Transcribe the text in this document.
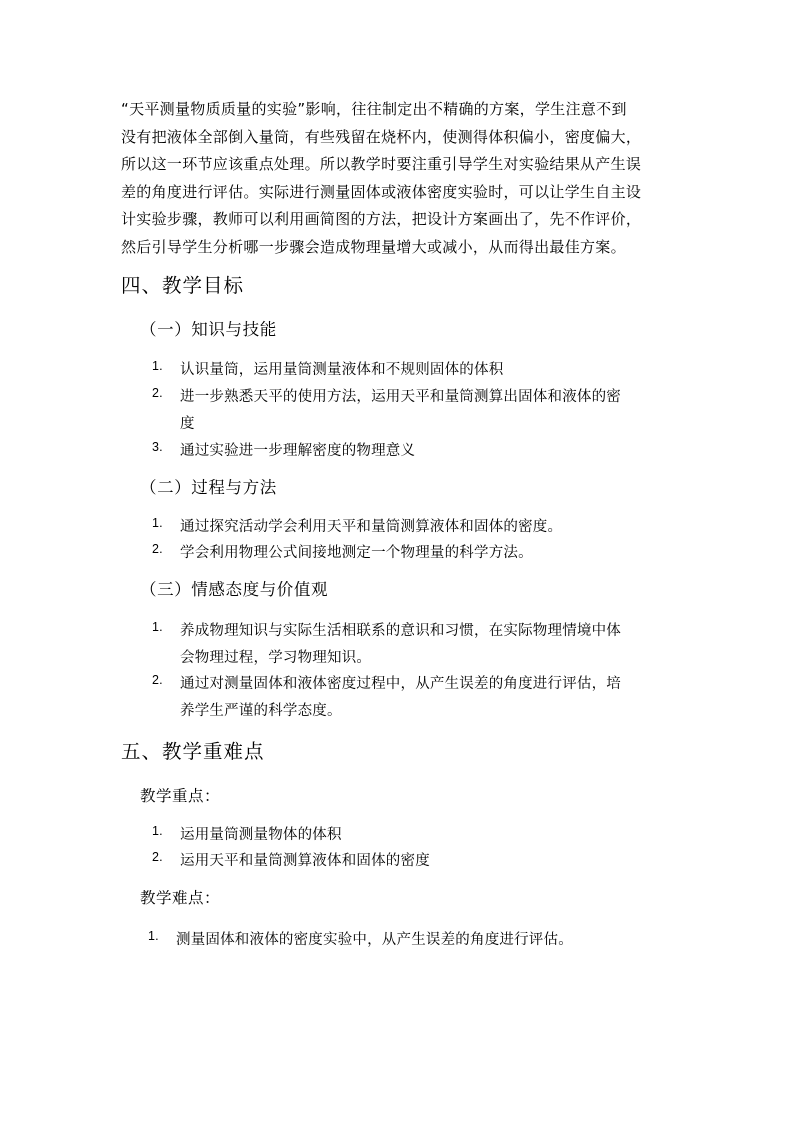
“天平测量物质质量的实验”影响，往往制定出不精确的方案，学生注意不到
没有把液体全部倒入量筒，有些残留在烧杯内，使测得体积偏小，密度偏大，
所以这一环节应该重点处理。所以教学时要注重引导学生对实验结果从产生误
差的角度进行评估。实际进行测量固体或液体密度实验时，可以让学生自主设
计实验步骤，教师可以利用画简图的方法，把设计方案画出了，先不作评价，
然后引导学生分析哪一步骤会造成物理量增大或减小，从而得出最佳方案。
四、教学目标
（一）知识与技能
1. 认识量筒，运用量筒测量液体和不规则固体的体积
2. 进一步熟悉天平的使用方法，运用天平和量筒测算出固体和液体的密
度
3. 通过实验进一步理解密度的物理意义
（二）过程与方法
1. 通过探究活动学会利用天平和量筒测算液体和固体的密度。
2. 学会利用物理公式间接地测定一个物理量的科学方法。
（三）情感态度与价值观
1. 养成物理知识与实际生活相联系的意识和习惯，在实际物理情境中体
会物理过程，学习物理知识。
2. 通过对测量固体和液体密度过程中，从产生误差的角度进行评估，培
养学生严谨的科学态度。
五、教学重难点
教学重点：
1. 运用量筒测量物体的体积
2. 运用天平和量筒测算液体和固体的密度
教学难点：
1. 测量固体和液体的密度实验中，从产生误差的角度进行评估。
